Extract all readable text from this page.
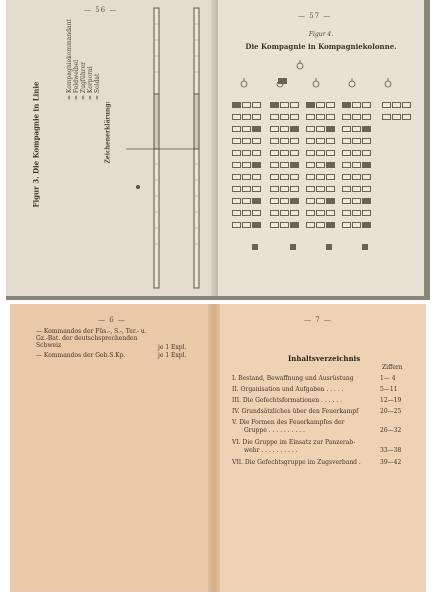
— 56 —
Figur 3. Die Kompagnie in Linie	Zeichenerklärung:
= Kompagniekommandant = Feldweibel = Zugführer = Korporal = Soldat
— 57 —
Figur 4.
Die Kompagnie in Kompagniekolonne.
— 6 —
— Kommandos der Füs.-, S.-, Ter.- u. Gz.-Bat. der deutschsprechenden Schweiz	je 1 Expl.
— Kommandos der Geb.S.Kp.	je 1 Expl.
— 7 —
Inhaltsverzeichnis
Ziffern
I. Bestand, Bewaffnung und Ausrüstung	1— 4
II. Organisation und Aufgaben . . . . .	5—11
III. Die Gefechtsformationen . . . . . .	12—19
IV. Grundsätzliches über den Feuerkampf	20—25
V. Die Formen des Feuerkampfes der
Gruppe . . . . . . . . . .	26—32
VI. Die Gruppe im Einsatz zur Panzerab-
wehr . . . . . . . . . .	33—38
VII. Die Gefechtsgruppe im Zugsverband .	39—42
